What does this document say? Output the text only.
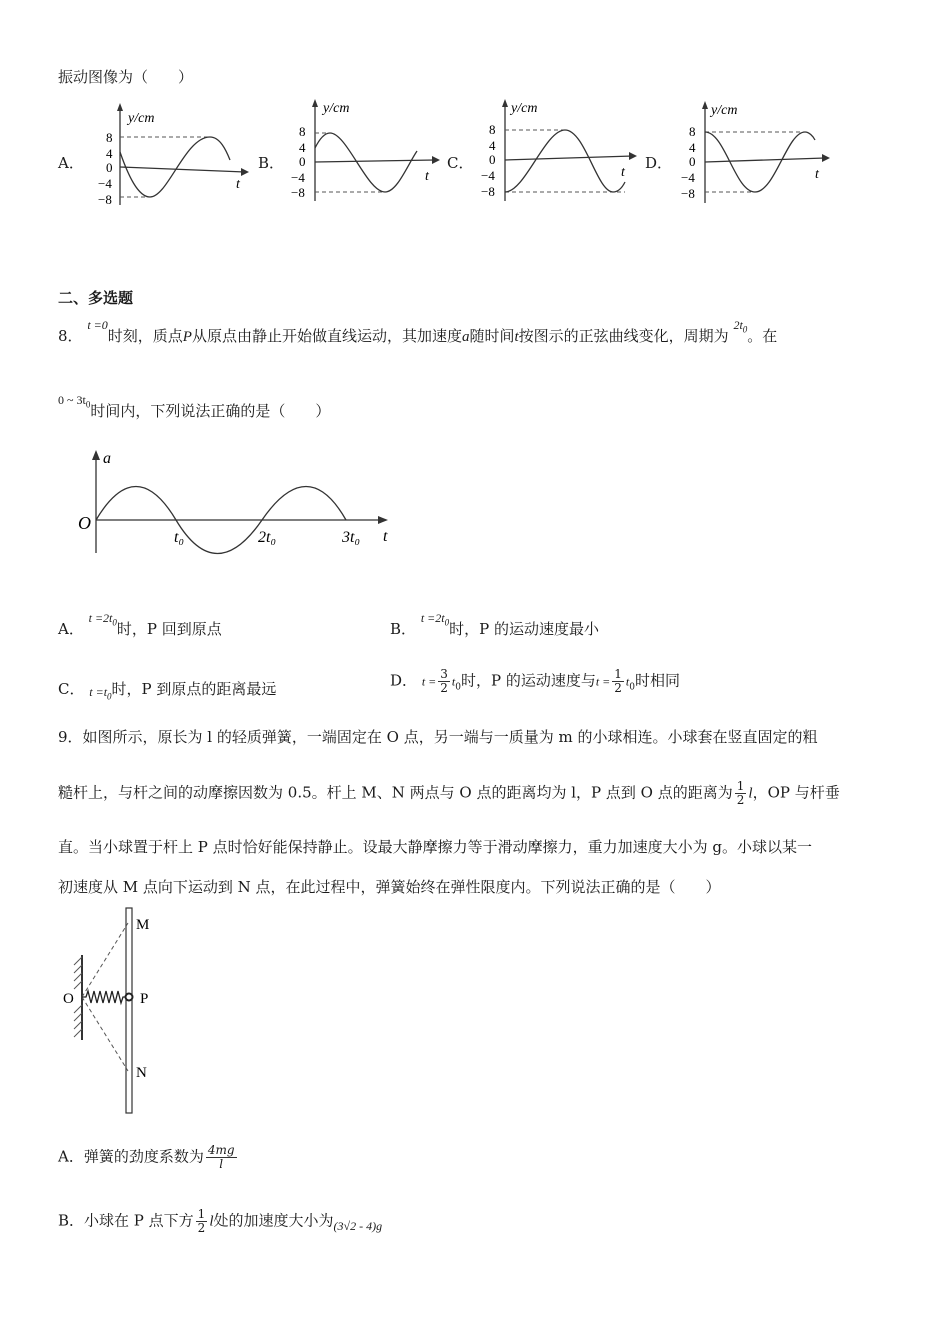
振动图像为（　　）
A．	B．	C．	D．
y/cm
t
8
4
0
−4
−8
y/cm
t
8
4
0
−4
−8
y/cm
t
8
4
0
−4
−8
y/cm
t
8
4
0
−4
−8
二、多选题
8． $^{t =0}$时刻，质点P从原点由静止开始做直线运动，其加速度a随时间t按图示的正弦曲线变化，周期为 $^{2t_0}$。在
$^{0 \sim 3t_0}$时间内，下列说法正确的是（　　）
a
O
t
t₀	2t₀	3t₀
A． $^{t =2t_0}$时，P 回到原点	B． $^{t =2t_0}$时，P 的运动速度最小
C． $t =t_0$时，P 到原点的距离最远	D． $t = \frac{3}{2} t_0$时，P 的运动速度与$t = \frac{1}{2} t_0$时相同
9．如图所示，原长为 l 的轻质弹簧，一端固定在 O 点，另一端与一质量为 m 的小球相连。小球套在竖直固定的粗
糙杆上，与杆之间的动摩擦因数为 0.5。杆上 M、N 两点与 O 点的距离均为 l，P 点到 O 点的距离为 $\frac{1}{2}$ l，OP 与杆垂
直。当小球置于杆上 P 点时恰好能保持静止。设最大静摩擦力等于滑动摩擦力，重力加速度大小为 g。小球以某一
初速度从 M 点向下运动到 N 点，在此过程中，弹簧始终在弹性限度内。下列说法正确的是（　　）
O
M
P
N
A．弹簧的劲度系数为 $\frac{4mg}{l}$
B．小球在 P 点下方 $\frac{1}{2}$ l处的加速度大小为$_{(3√2 - 4)g}$
